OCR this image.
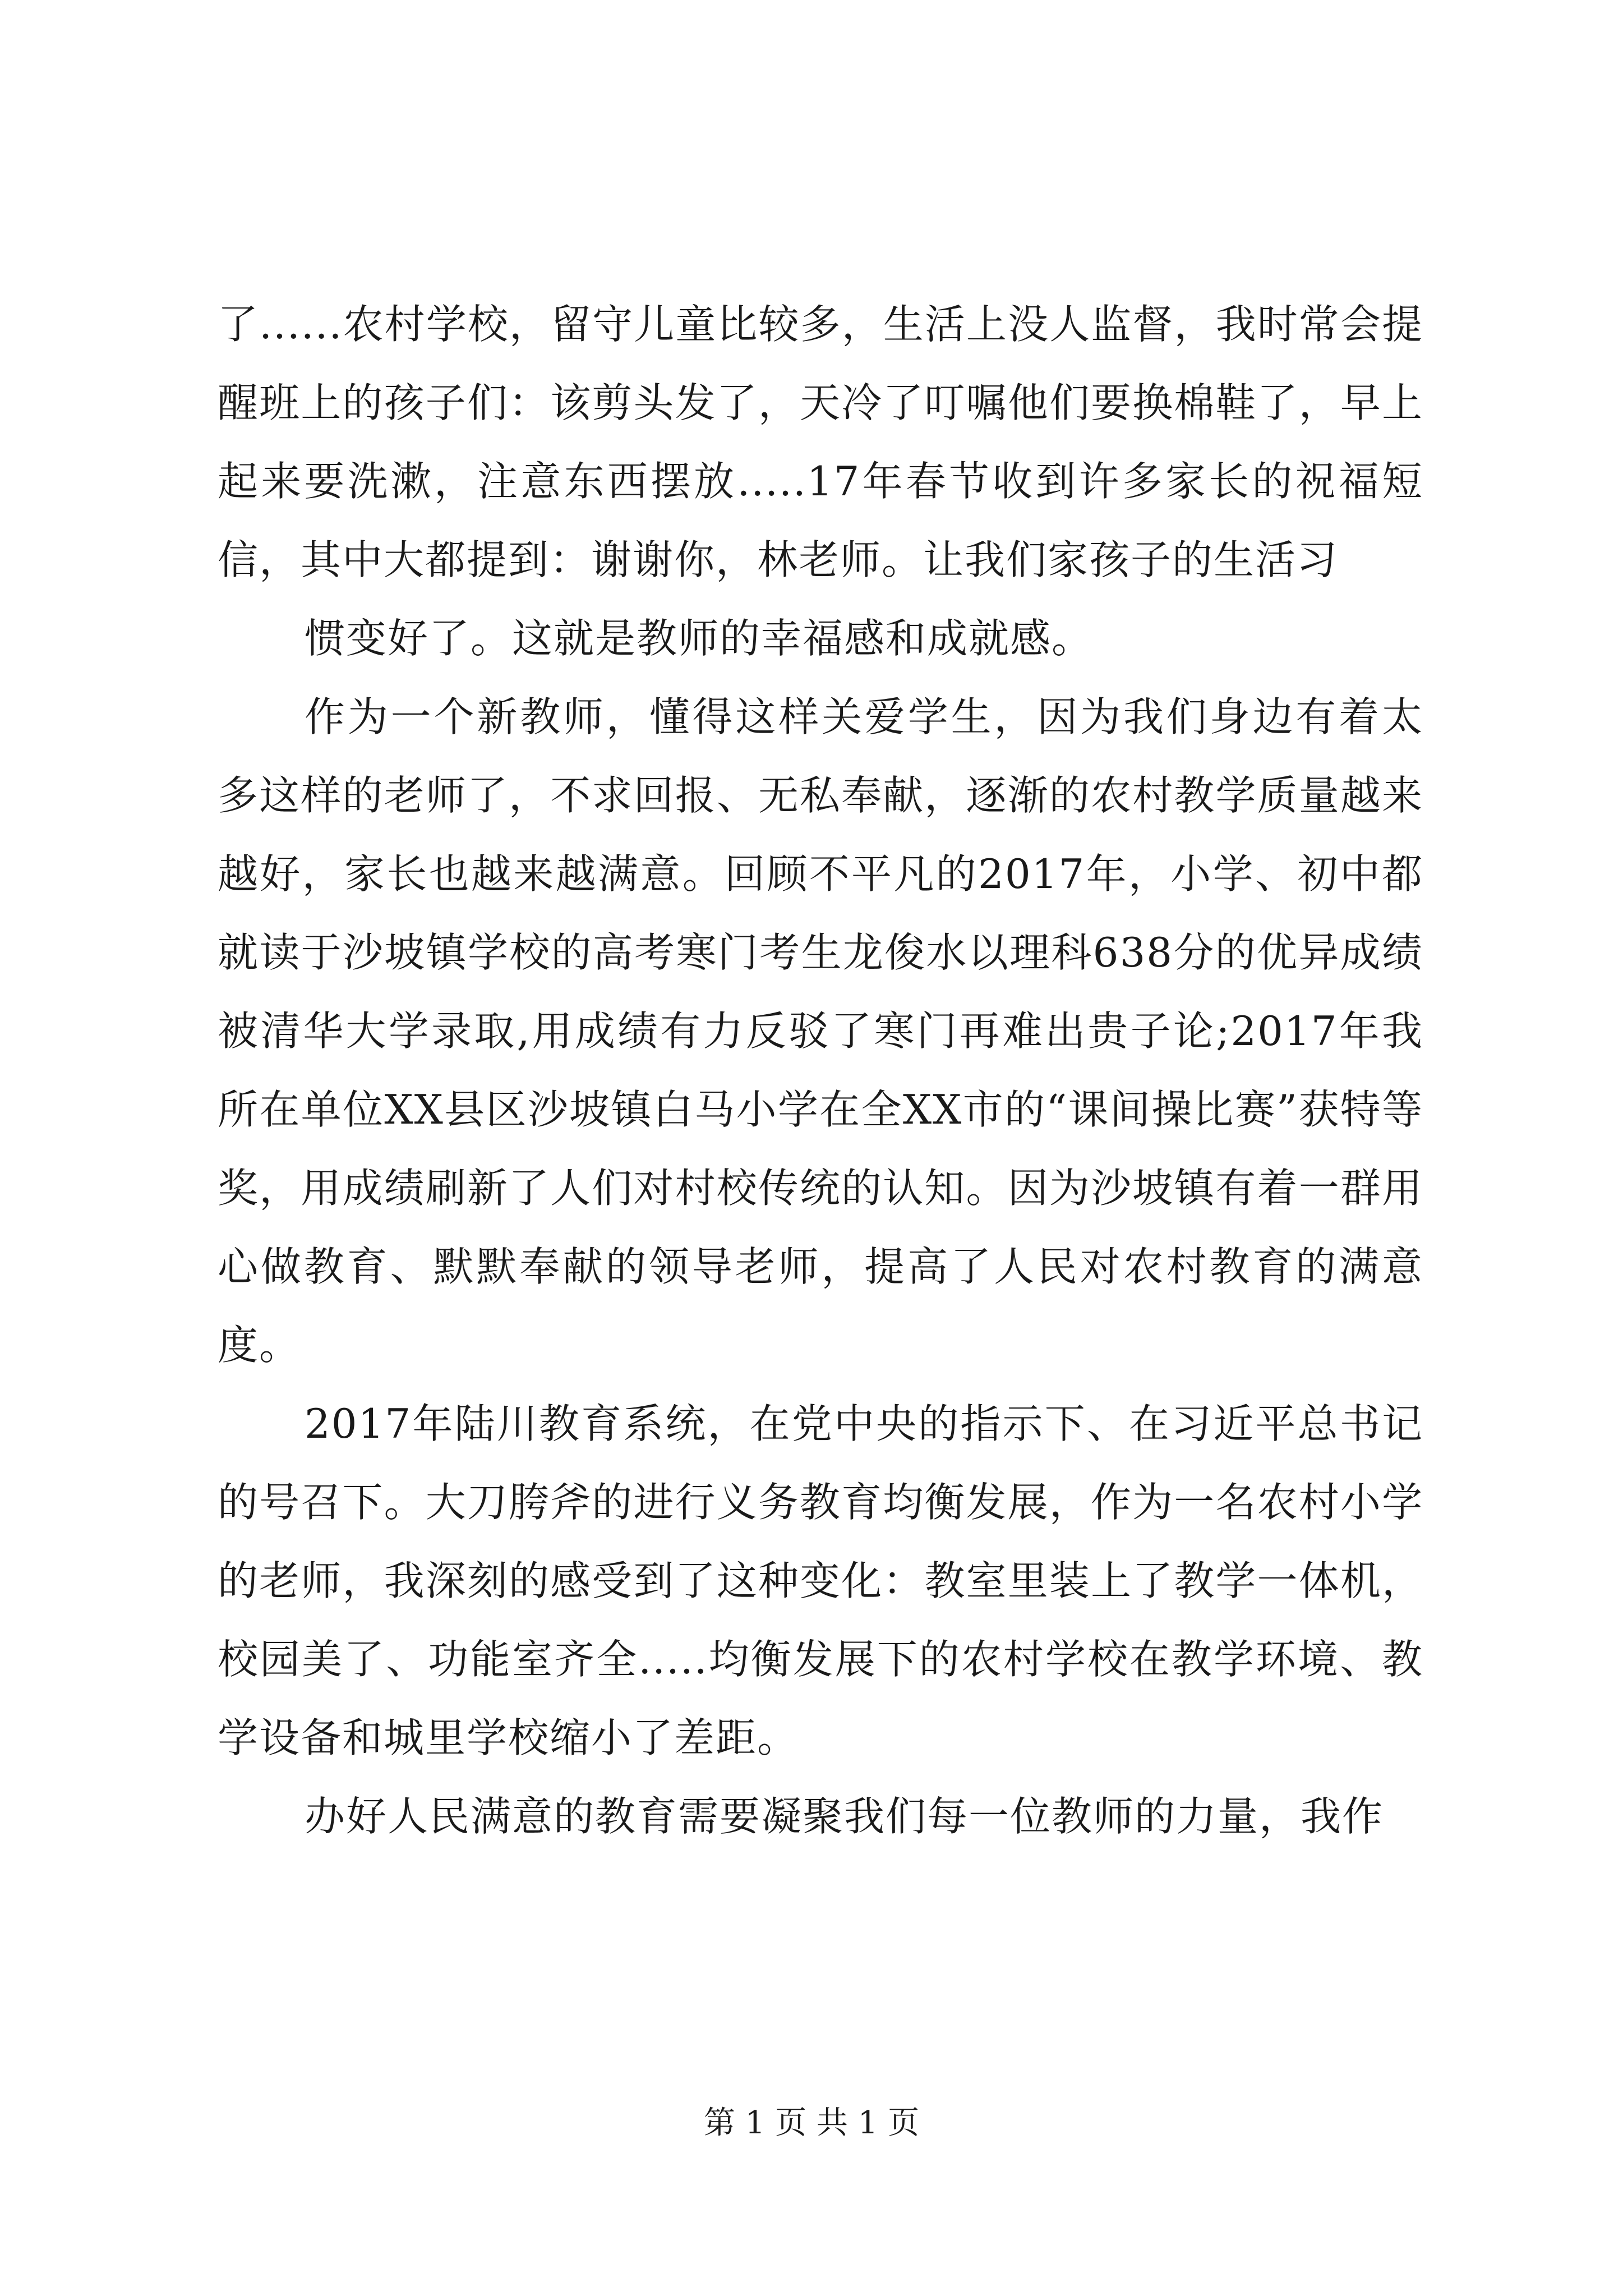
了......农村学校，留守儿童比较多，生活上没人监督，我时常会提醒班上的孩子们：该剪头发了，天冷了叮嘱他们要换棉鞋了，早上起来要洗漱，注意东西摆放.....17年春节收到许多家长的祝福短信，其中大都提到：谢谢你，林老师。让我们家孩子的生活习

惯变好了。这就是教师的幸福感和成就感。

作为一个新教师，懂得这样关爱学生，因为我们身边有着太多这样的老师了，不求回报、无私奉献，逐渐的农村教学质量越来越好，家长也越来越满意。回顾不平凡的2017年，小学、初中都就读于沙坡镇学校的高考寒门考生龙俊水以理科638分的优异成绩被清华大学录取,用成绩有力反驳了寒门再难出贵子论;2017年我所在单位XX县区沙坡镇白马小学在全XX市的“课间操比赛”获特等奖，用成绩刷新了人们对村校传统的认知。因为沙坡镇有着一群用心做教育、默默奉献的领导老师，提高了人民对农村教育的满意度。

2017年陆川教育系统，在党中央的指示下、在习近平总书记的号召下。大刀胯斧的进行义务教育均衡发展，作为一名农村小学的老师，我深刻的感受到了这种变化：教室里装上了教学一体机，校园美了、功能室齐全.....均衡发展下的农村学校在教学环境、教学设备和城里学校缩小了差距。

办好人民满意的教育需要凝聚我们每一位教师的力量，我作

第 1 页 共 1 页
